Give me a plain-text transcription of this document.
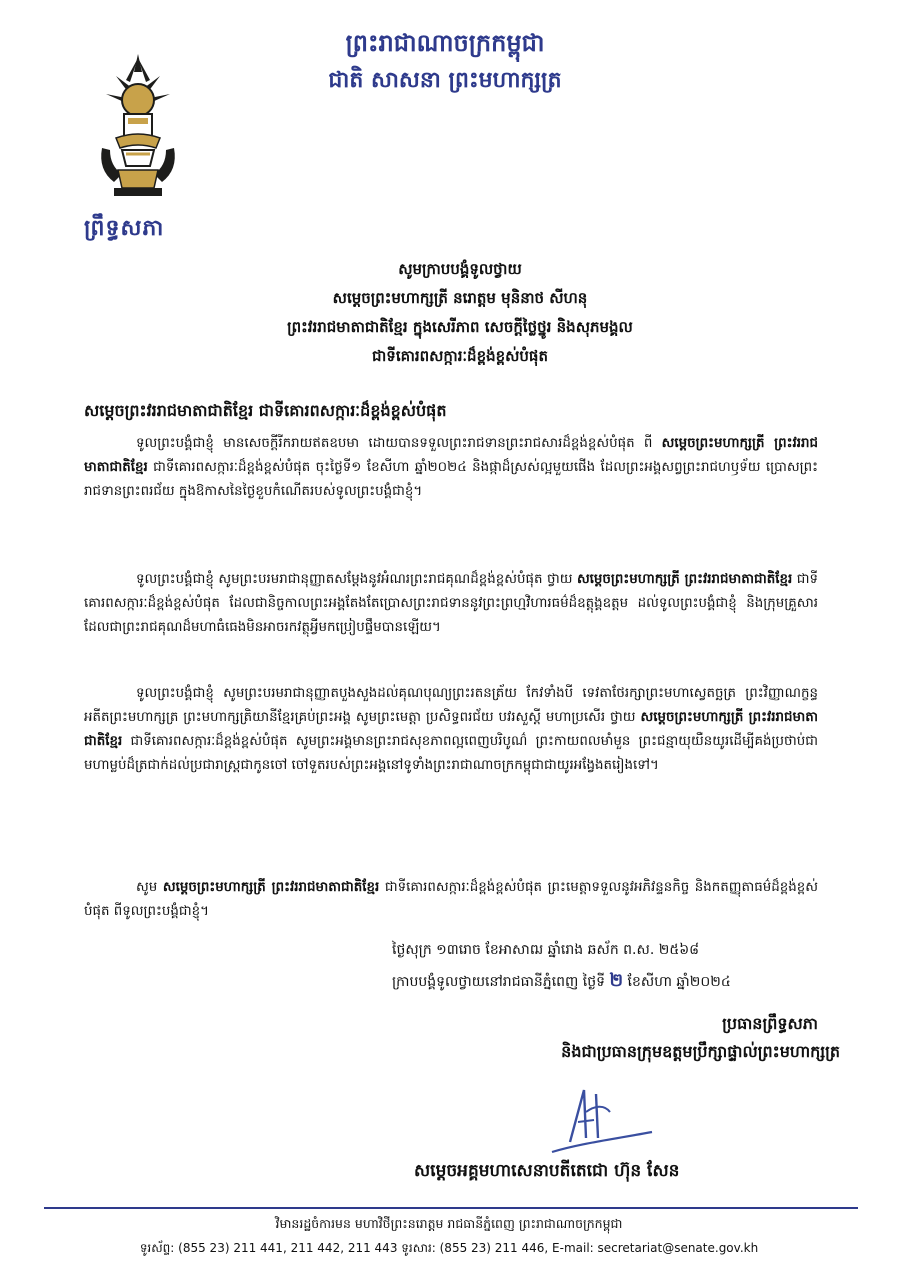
ព្រឹទ្ធសភា
ព្រះរាជាណាចក្រកម្ពុជា
ជាតិ សាសនា ព្រះមហាក្សត្រ
សូមក្រាបបង្គំទូលថ្វាយ
សម្តេចព្រះមហាក្សត្រី នរោត្តម មុនិនាថ សីហនុ
ព្រះវររាជមាតាជាតិខ្មែរ ក្នុងសេរីភាព សេចក្តីថ្លៃថ្នូរ និងសុភមង្គល
ជាទីគោរពសក្ការៈដ៏ខ្ពង់ខ្ពស់បំផុត
សម្តេចព្រះវររាជមាតាជាតិខ្មែរ ជាទីគោរពសក្ការៈដ៏ខ្ពង់ខ្ពស់បំផុត
ទូលព្រះបង្គំជាខ្ញុំ មានសេចក្តីរីករាយឥតឧបមា ដោយបានទទួលព្រះរាជទានព្រះរាជសារដ៏ខ្ពង់ខ្ពស់បំផុត ពី សម្តេចព្រះមហាក្សត្រី ព្រះវររាជមាតាជាតិខ្មែរ ជាទីគោរពសក្ការៈដ៏ខ្ពង់ខ្ពស់បំផុត ចុះថ្ងៃទី១ ខែសីហា ឆ្នាំ២០២៤ និងផ្កាដ៏ស្រស់ល្អមួយផើង ដែលព្រះអង្គសព្វព្រះរាជហឫទ័យ ប្រោសព្រះរាជទានព្រះពរជ័យ ក្នុងឱកាសនៃថ្ងៃខួបកំណើតរបស់ទូលព្រះបង្គំជាខ្ញុំ។
ទូលព្រះបង្គំជាខ្ញុំ សូមព្រះបរមរាជានុញ្ញាតសម្តែងនូវអំណរព្រះរាជគុណដ៏ខ្ពង់ខ្ពស់បំផុត ថ្វាយ សម្តេចព្រះមហាក្សត្រី ព្រះវររាជមាតាជាតិខ្មែរ ជាទីគោរពសក្ការៈដ៏ខ្ពង់ខ្ពស់បំផុត ដែលជានិច្ចកាលព្រះអង្គតែងតែប្រោសព្រះរាជទាននូវព្រះព្រហ្មវិហារធម៌ដ៏ឧត្តុង្គឧត្តម ដល់ទូលព្រះបង្គំជាខ្ញុំ និងក្រុមគ្រួសារ ដែលជាព្រះរាជគុណដ៏មហាធំធេងមិនអាចរកវត្ថុអ្វីមកប្រៀបផ្ទឹមបានឡើយ។
ទូលព្រះបង្គំជាខ្ញុំ សូមព្រះបរមរាជានុញ្ញាតបួងសួងដល់គុណបុណ្យព្រះរតនត្រ័យ កែវទាំងបី ទេវតាថែរក្សាព្រះមហាស្វេតច្ឆត្រ ព្រះវិញ្ញាណក្ខន្ធអតីតព្រះមហាក្សត្រ ព្រះមហាក្សត្រិយានីខ្មែរគ្រប់ព្រះអង្គ សូមព្រះមេត្តា ប្រសិទ្ធពរជ័យ បវរសួស្តី មហាប្រសើរ ថ្វាយ សម្តេចព្រះមហាក្សត្រី ព្រះវររាជមាតាជាតិខ្មែរ ជាទីគោរពសក្ការៈដ៏ខ្ពង់ខ្ពស់បំផុត សូមព្រះអង្គមានព្រះរាជសុខភាពល្អពេញបរិបូណ៌ ព្រះកាយពលមាំមួន ព្រះជន្មាយុយឺនយូរដើម្បីគង់ប្រថាប់ជាមហាម្លប់ដ៏ត្រជាក់ដល់ប្រជារាស្ត្រជាកូនចៅ ចៅទួតរបស់ព្រះអង្គនៅទូទាំងព្រះរាជាណាចក្រកម្ពុជាជាយូរអង្វែងតរៀងទៅ។
សូម សម្តេចព្រះមហាក្សត្រី ព្រះវររាជមាតាជាតិខ្មែរ ជាទីគោរពសក្ការៈដ៏ខ្ពង់ខ្ពស់បំផុត ព្រះមេត្តាទទួលនូវអភិវន្ទនកិច្ច និងកតញ្ញុតាធម៌ដ៏ខ្ពង់ខ្ពស់បំផុត ពីទូលព្រះបង្គំជាខ្ញុំ។
ថ្ងៃសុក្រ ១៣រោច ខែអាសាឍ ឆ្នាំរោង ឆស័ក ព.ស. ២៥៦៨
ក្រាបបង្គំទូលថ្វាយនៅរាជធានីភ្នំពេញ ថ្ងៃទី ២ ខែសីហា ឆ្នាំ២០២៤
ប្រធានព្រឹទ្ធសភា
និងជាប្រធានក្រុមឧត្តមប្រឹក្សាផ្ទាល់ព្រះមហាក្សត្រ
សម្តេចអគ្គមហាសេនាបតីតេជោ ហ៊ុន សែន
វិមានរដ្ឋចំការមន មហាវិថីព្រះនរោត្តម រាជធានីភ្នំពេញ ព្រះរាជាណាចក្រកម្ពុជា
ទូរស័ព្ទ: (855 23) 211 441, 211 442, 211 443 ទូរសារ: (855 23) 211 446, E-mail: secretariat@senate.gov.kh
